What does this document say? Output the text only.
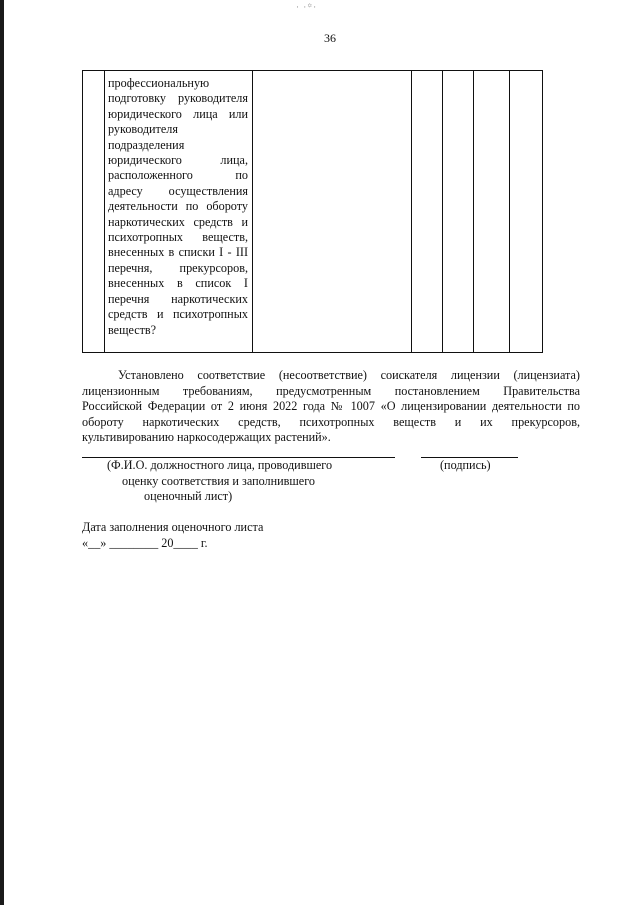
· ·꙳·
36

профессиональную
подготовку руководителя
юридического лица или
руководителя
подразделения
юридического лица,
расположенного по
адресу осуществления
деятельности по обороту
наркотических средств и
психотропных веществ,
внесенных в списки I - III
перечня, прекурсоров,
внесенных в список I
перечня наркотических
средств и психотропных
веществ?

Установлено соответствие (несоответствие) соискателя лицензии (лицензиата)
лицензионным требованиям, предусмотренным постановлением Правительства
Российской Федерации от 2 июня 2022 года № 1007 «О лицензировании деятельности по
обороту наркотических средств, психотропных веществ и их прекурсоров,
культивированию наркосодержащих растений».
(Ф.И.О. должностного лица, проводившего
оценку соответствия и заполнившего
оценочный лист)
(подпись)
Дата заполнения оценочного листа
«__» ________ 20____ г.
